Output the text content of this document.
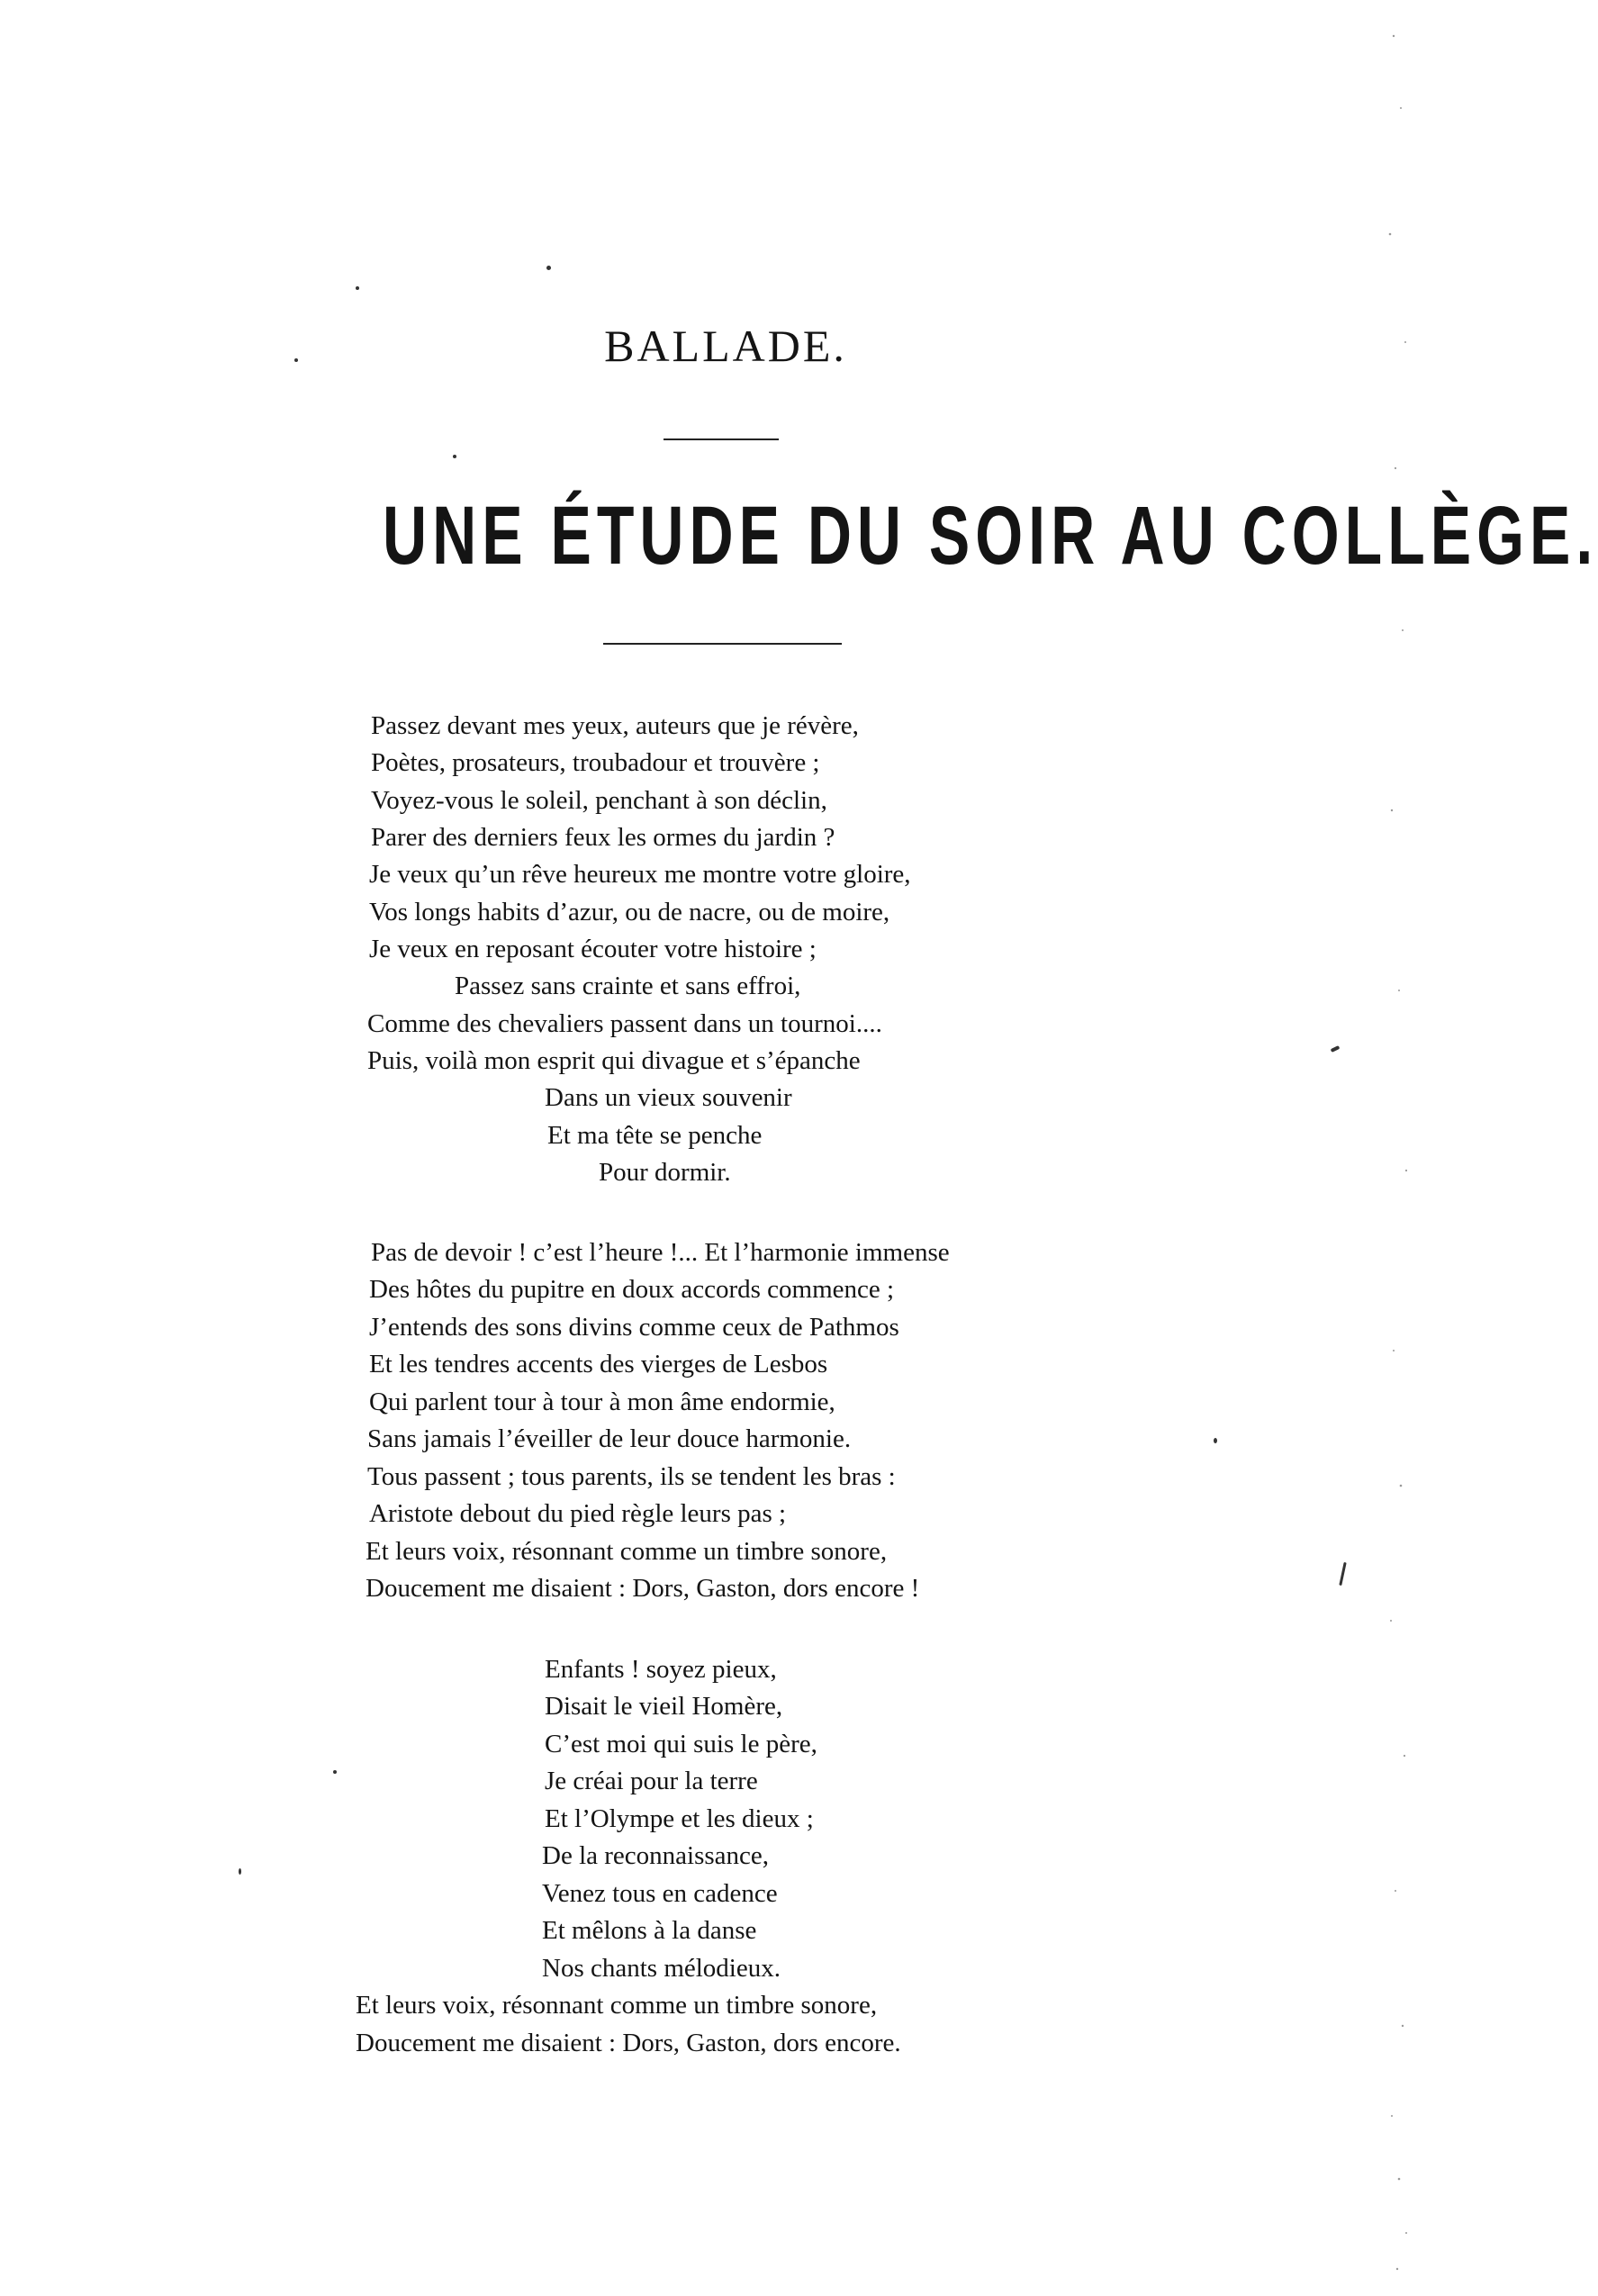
BALLADE.
UNE ÉTUDE DU SOIR AU COLLÈGE.
Passez devant mes yeux, auteurs que je révère,
Poètes, prosateurs, troubadour et trouvère ;
Voyez-vous le soleil, penchant à son déclin,
Parer des derniers feux les ormes du jardin ?
Je veux qu’un rêve heureux me montre votre gloire,
Vos longs habits d’azur, ou de nacre, ou de moire,
Je veux en reposant écouter votre histoire ;
Passez sans crainte et sans effroi,
Comme des chevaliers passent dans un tournoi....
Puis, voilà mon esprit qui divague et s’épanche
Dans un vieux souvenir
Et ma tête se penche
Pour dormir.
Pas de devoir ! c’est l’heure !... Et l’harmonie immense
Des hôtes du pupitre en doux accords commence ;
J’entends des sons divins comme ceux de Pathmos
Et les tendres accents des vierges de Lesbos
Qui parlent tour à tour à mon âme endormie,
Sans jamais l’éveiller de leur douce harmonie.
Tous passent ; tous parents, ils se tendent les bras :
Aristote debout du pied règle leurs pas ;
Et leurs voix, résonnant comme un timbre sonore,
Doucement me disaient : Dors, Gaston, dors encore !
Enfants ! soyez pieux,
Disait le vieil Homère,
C’est moi qui suis le père,
Je créai pour la terre
Et l’Olympe et les dieux ;
De la reconnaissance,
Venez tous en cadence
Et mêlons à la danse
Nos chants mélodieux.
Et leurs voix, résonnant comme un timbre sonore,
Doucement me disaient : Dors, Gaston, dors encore.
